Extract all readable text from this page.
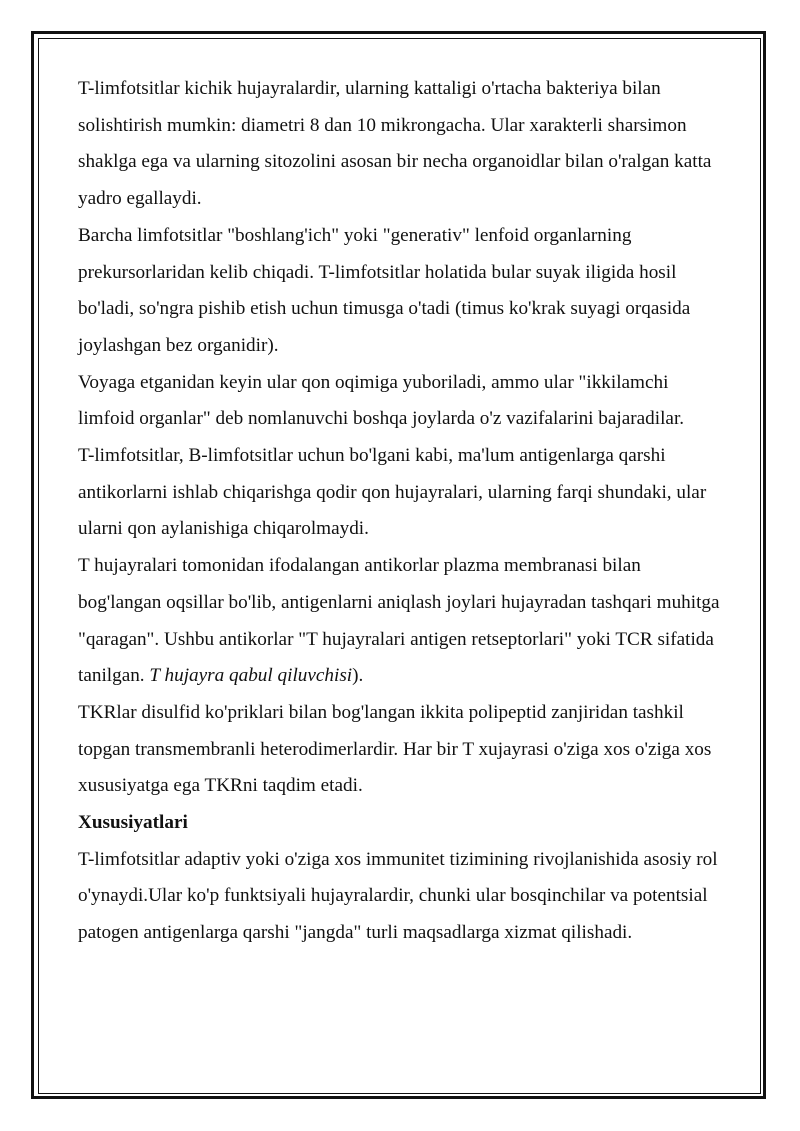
T-limfotsitlar kichik hujayralardir, ularning kattaligi o'rtacha bakteriya bilan solishtirish mumkin: diametri 8 dan 10 mikrongacha. Ular xarakterli sharsimon shaklga ega va ularning sitozolini asosan bir necha organoidlar bilan o'ralgan katta yadro egallaydi.

Barcha limfotsitlar "boshlang'ich" yoki "generativ" lenfoid organlarning prekursorlaridan kelib chiqadi. T-limfotsitlar holatida bular suyak iligida hosil bo'ladi, so'ngra pishib etish uchun timusga o'tadi (timus ko'krak suyagi orqasida joylashgan bez organidir).

Voyaga etganidan keyin ular qon oqimiga yuboriladi, ammo ular "ikkilamchi limfoid organlar" deb nomlanuvchi boshqa joylarda o'z vazifalarini bajaradilar.

T-limfotsitlar, B-limfotsitlar uchun bo'lgani kabi, ma'lum antigenlarga qarshi antikorlarni ishlab chiqarishga qodir qon hujayralari, ularning farqi shundaki, ular ularni qon aylanishiga chiqarolmaydi.

T hujayralari tomonidan ifodalangan antikorlar plazma membranasi bilan bog'langan oqsillar bo'lib, antigenlarni aniqlash joylari hujayradan tashqari muhitga "qaragan". Ushbu antikorlar "T hujayralari antigen retseptorlari" yoki TCR sifatida tanilgan. T hujayra qabul qiluvchisi).

TKRlar disulfid ko'priklari bilan bog'langan ikkita polipeptid zanjiridan tashkil topgan transmembranli heterodimerlardir. Har bir T xujayrasi o'ziga xos o'ziga xos xususiyatga ega TKRni taqdim etadi.

Xususiyatlari

T-limfotsitlar adaptiv yoki o'ziga xos immunitet tizimining rivojlanishida asosiy rol o'ynaydi.Ular ko'p funktsiyali hujayralardir, chunki ular bosqinchilar va potentsial patogen antigenlarga qarshi "jangda" turli maqsadlarga xizmat qilishadi.
